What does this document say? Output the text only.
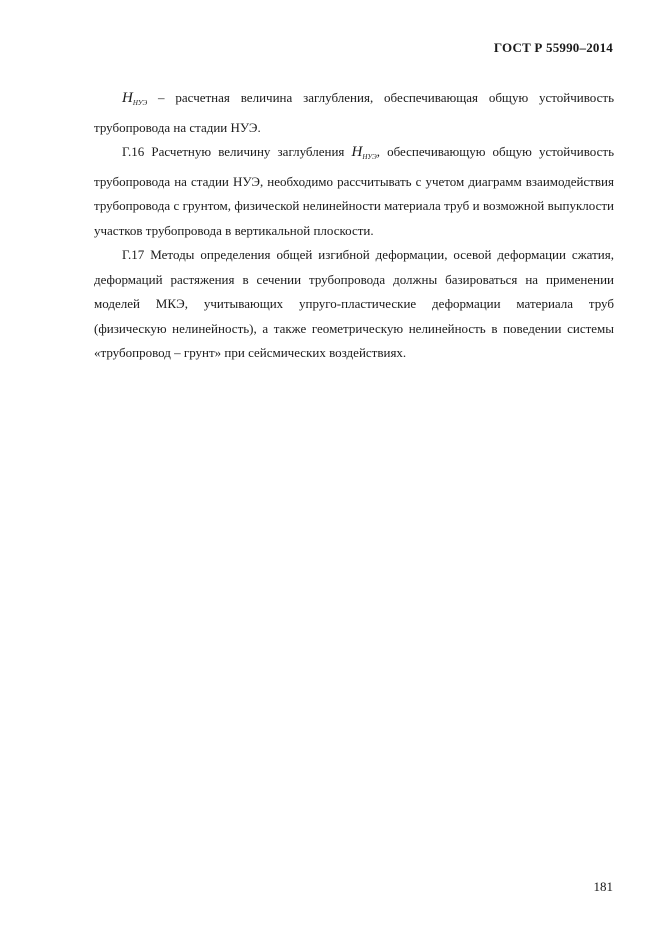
ГОСТ Р 55990–2014

$H_{НУЭ}$ – расчетная величина заглубления, обеспечивающая общую устойчивость трубопровода на стадии НУЭ.

Г.16 Расчетную величину заглубления $H_{НУЭ}$, обеспечивающую общую устойчивость трубопровода на стадии НУЭ, необходимо рассчитывать с учетом диаграмм взаимодействия трубопровода с грунтом, физической нелинейности материала труб и возможной выпуклости участков трубопровода в вертикальной плоскости.

Г.17 Методы определения общей изгибной деформации, осевой деформации сжатия, деформаций растяжения в сечении трубопровода должны базироваться на применении моделей МКЭ, учитывающих упруго-пластические деформации материала труб (физическую нелинейность), а также геометрическую нелинейность в поведении системы «трубопровод – грунт» при сейсмических воздействиях.

181
